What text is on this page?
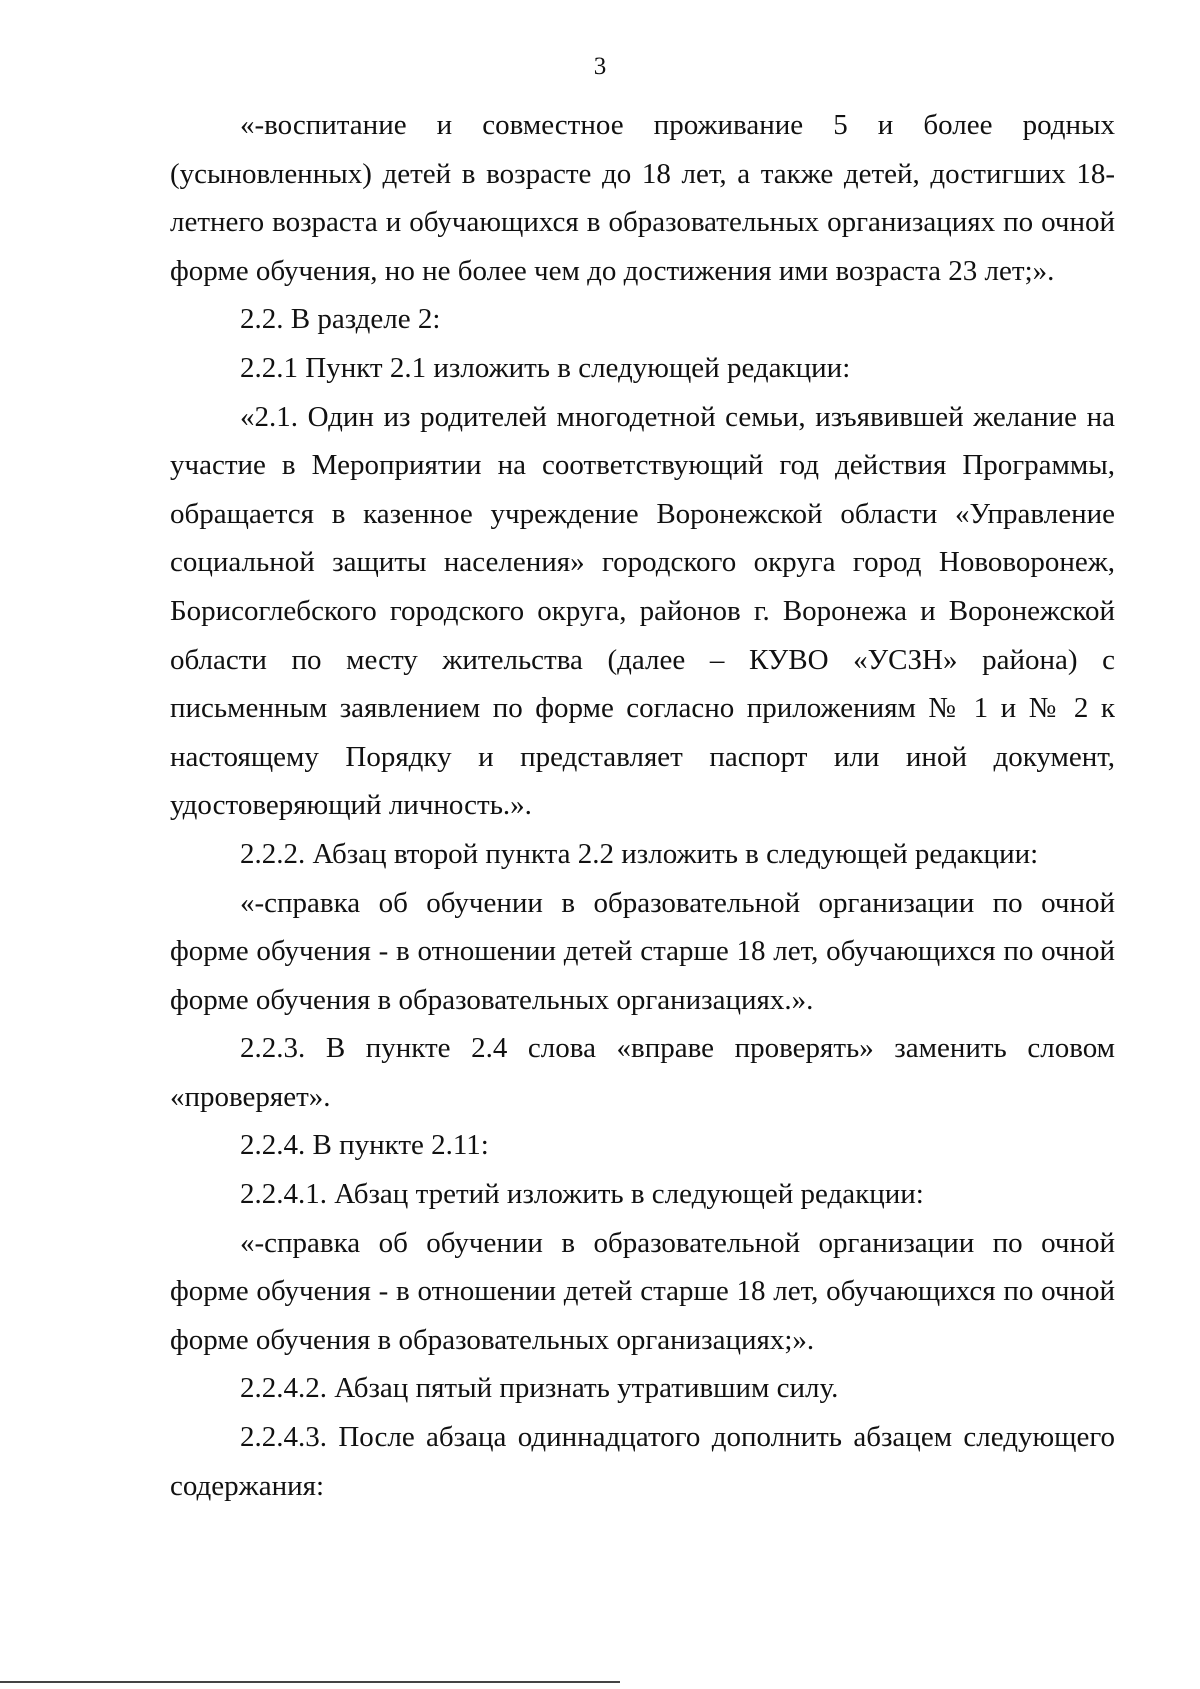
3

«-воспитание и совместное проживание 5 и более родных (усыновленных) детей в возрасте до 18 лет, а также детей, достигших 18-летнего возраста и обучающихся в образовательных организациях по очной форме обучения, но не более чем до достижения ими возраста 23 лет;».

2.2. В разделе 2:

2.2.1 Пункт 2.1 изложить в следующей редакции:

«2.1. Один из родителей многодетной семьи, изъявившей желание на участие в Мероприятии на соответствующий год действия Программы, обращается в казенное учреждение Воронежской области «Управление социальной защиты населения» городского округа город Нововоронеж, Борисоглебского городского округа, районов г. Воронежа и Воронежской области по месту жительства (далее – КУВО «УСЗН» района) с письменным заявлением по форме согласно приложениям № 1 и № 2 к настоящему Порядку и представляет паспорт или иной документ, удостоверяющий личность.».

2.2.2. Абзац второй пункта 2.2 изложить в следующей редакции:

«-справка об обучении в образовательной организации по очной форме обучения - в отношении детей старше 18 лет, обучающихся по очной форме обучения в образовательных организациях.».

2.2.3. В пункте 2.4 слова «вправе проверять» заменить словом «проверяет».

2.2.4. В пункте 2.11:

2.2.4.1. Абзац третий изложить в следующей редакции:

«-справка об обучении в образовательной организации по очной форме обучения - в отношении детей старше 18 лет, обучающихся по очной форме обучения в образовательных организациях;».

2.2.4.2. Абзац пятый признать утратившим силу.

2.2.4.3. После абзаца одиннадцатого дополнить абзацем следующего содержания:
